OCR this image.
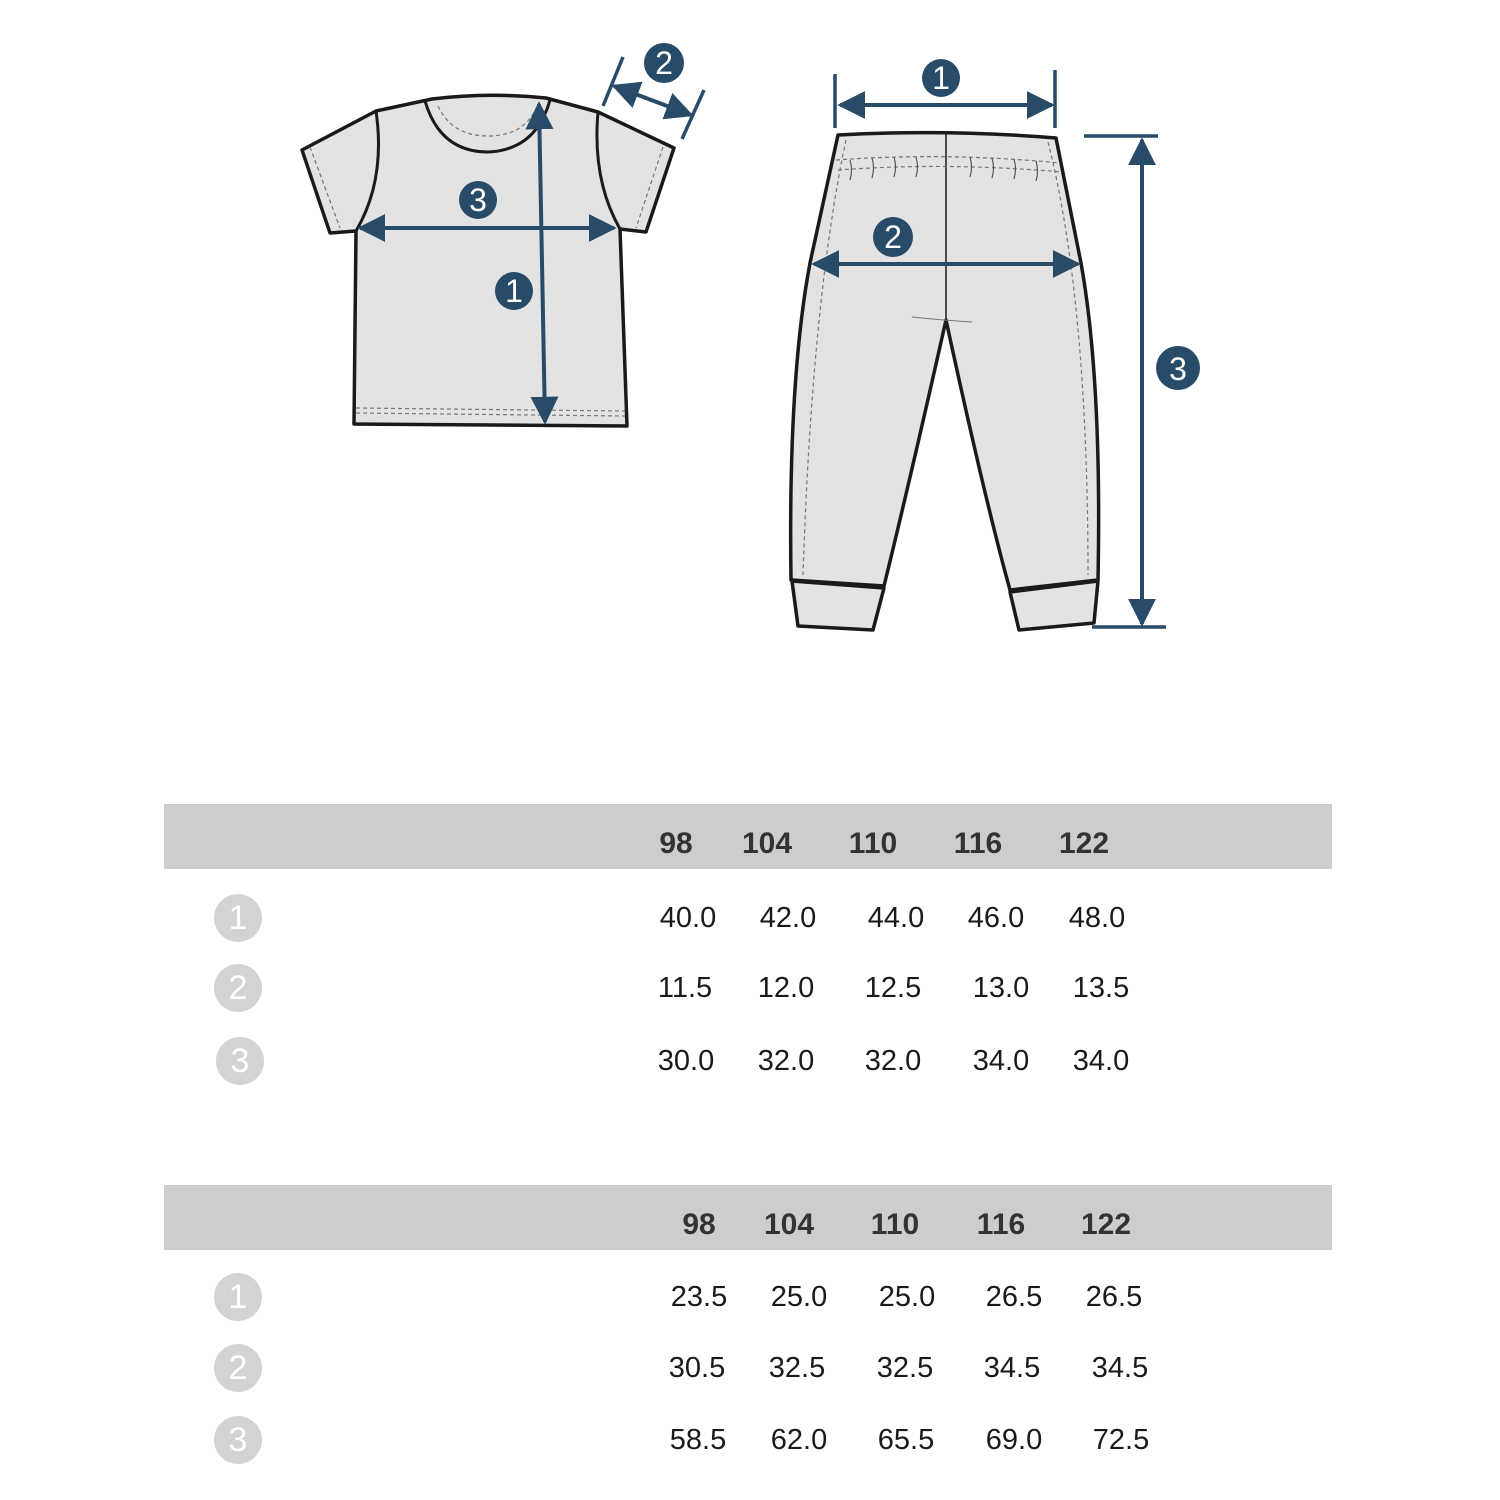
1
2
3
1
2
3
98	104	110	116	122
1	40.0	42.0	44.0	46.0	48.0
2	11.5	12.0	12.5	13.0	13.5
3	30.0	32.0	32.0	34.0	34.0
98	104	110	116	122
1	23.5	25.0	25.0	26.5	26.5
2	30.5	32.5	32.5	34.5	34.5
3	58.5	62.0	65.5	69.0	72.5
